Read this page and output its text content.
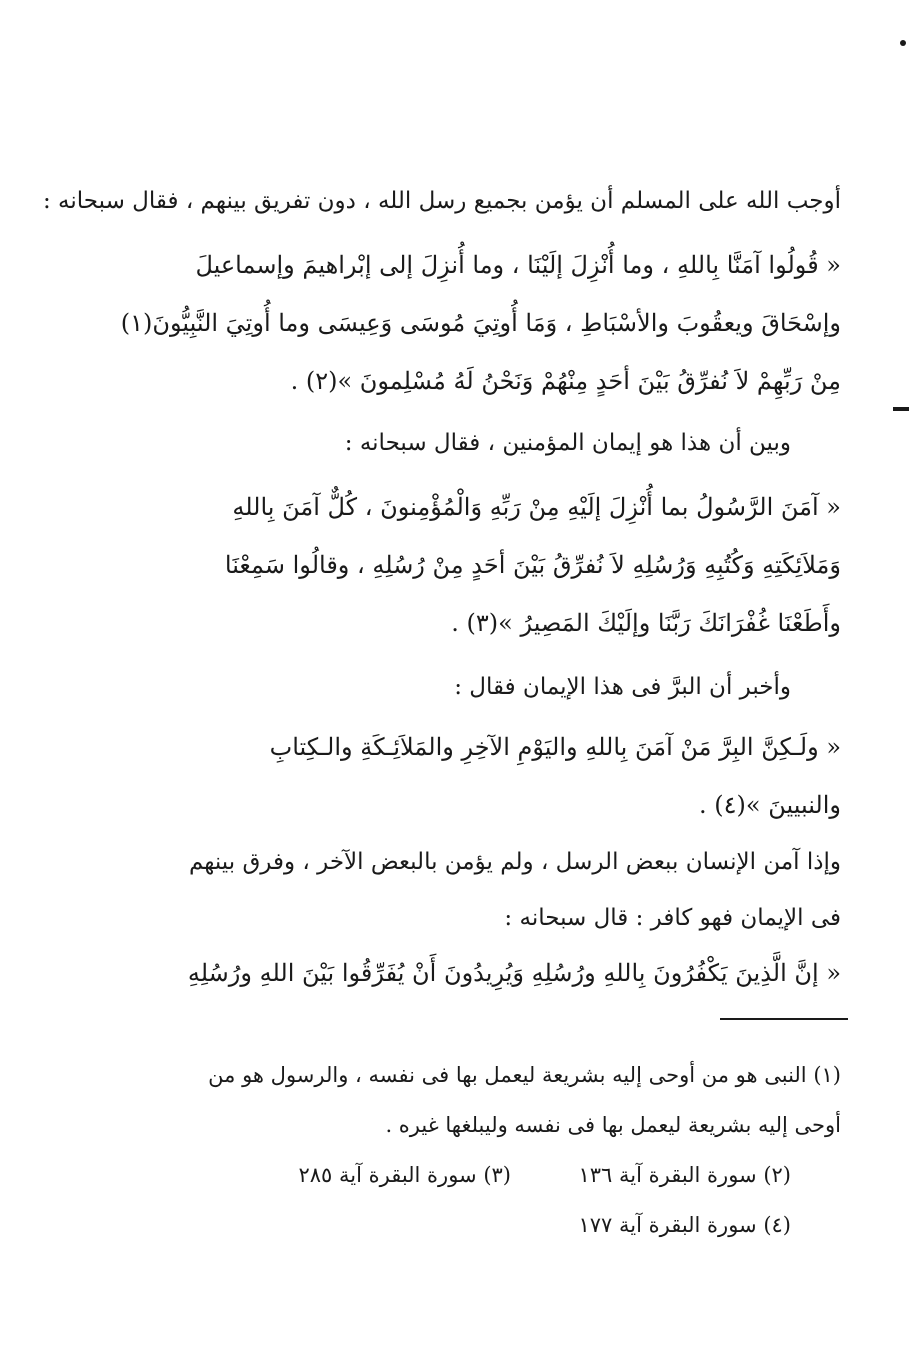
أوجب الله على المسلم أن يؤمن بجميع رسل الله ، دون تفريق بينهم ، فقال سبحانه :
« قُولُوا آمَنَّا بِاللهِ ، وما أُنْزِلَ إلَيْنَا ، وما أُنزِلَ إلى إبْراهيمَ وإسماعيلَ
وإسْحَاقَ ويعقُوبَ والأسْبَاطِ ، وَمَا أُوتِيَ مُوسَى وَعِيسَى وما أُوتِيَ النَّبِيُّونَ(١)
مِنْ رَبِّهِمْ لاَ نُفرِّقُ بَيْنَ أحَدٍ مِنْهُمْ وَنَحْنُ لَهُ مُسْلِمونَ »(٢) .
وبين أن هذا هو إيمان المؤمنين ، فقال سبحانه :
« آمَنَ الرَّسُولُ بما أُنْزِلَ إلَيْهِ مِنْ رَبِّهِ وَالْمُؤْمِنونَ ، كُلٌّ آمَنَ بِاللهِ
وَمَلاَئِكَتِهِ وَكُتُبِهِ وَرُسُلِهِ لاَ نُفرِّقُ بَيْنَ أحَدٍ مِنْ رُسُلِهِ ، وقالُوا سَمِعْنَا
وأَطَعْنَا غُفْرَانَكَ رَبَّنَا وإلَيْكَ المَصِيرُ »(٣) .
وأخبر أن البرَّ فى هذا الإيمان فقال :
« ولَـكِنَّ البِرَّ مَنْ آمَنَ بِاللهِ واليَوْمِ الآخِرِ والمَلاَئِـكَةِ والـكِتابِ
والنبيينَ »(٤) .
وإذا آمن الإنسان ببعض الرسل ، ولم يؤمن بالبعض الآخر ، وفرق بينهم
فى الإيمان فهو كافر : قال سبحانه :
« إنَّ الَّذِينَ يَكْفُرُونَ بِاللهِ ورُسُلِهِ وَيُرِيدُونَ أَنْ يُفَرِّقُوا بَيْنَ اللهِ ورُسُلِهِ
(١) النبى هو من أوحى إليه بشريعة ليعمل بها فى نفسه ، والرسول هو من
أوحى إليه بشريعة ليعمل بها فى نفسه وليبلغها غيره .
(٢) سورة البقرة آية ١٣٦
(٣) سورة البقرة آية ٢٨٥
(٤) سورة البقرة آية ١٧٧
